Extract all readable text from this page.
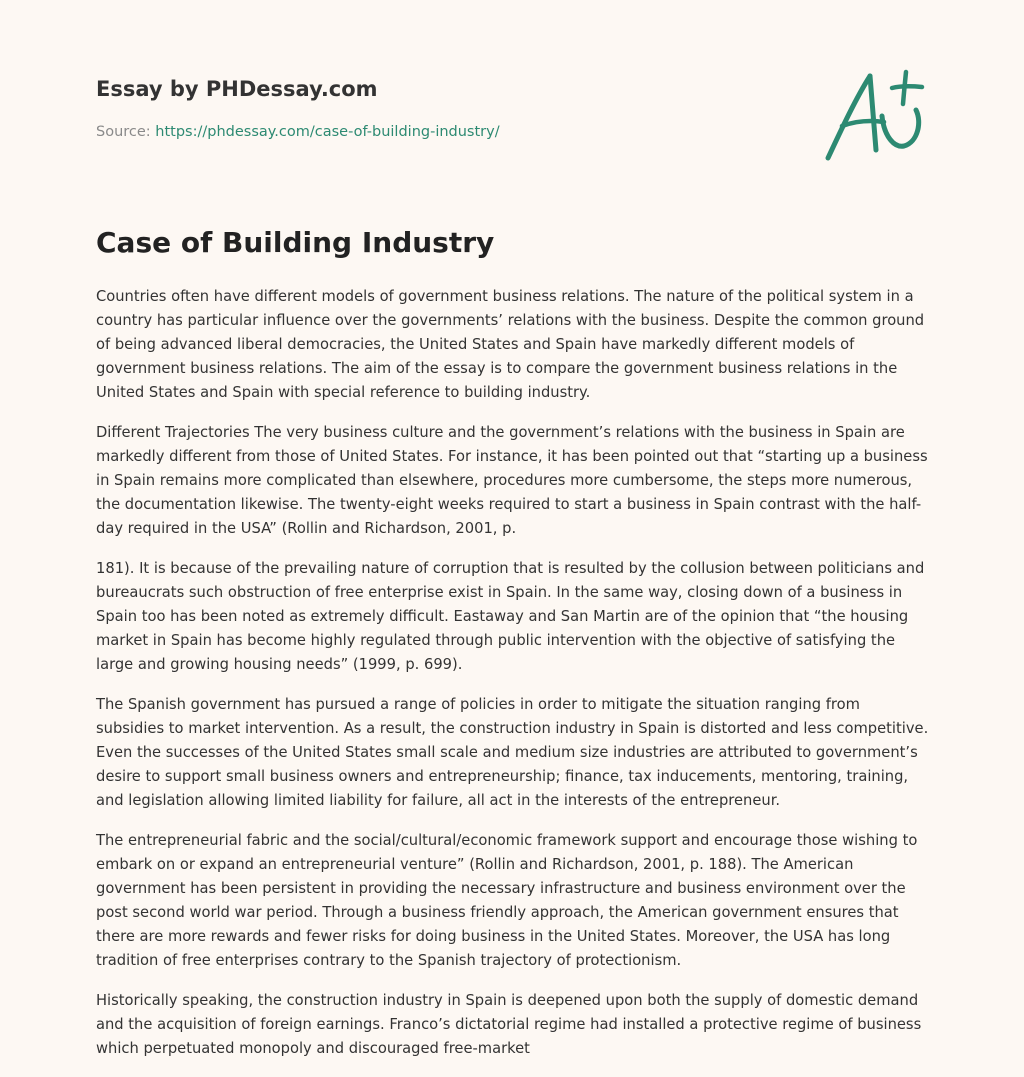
Essay by PHDessay.com
Source: https://phdessay.com/case-of-building-industry/
Case of Building Industry

Countries often have different models of government business relations. The nature of the political system in a country has particular influence over the governments’ relations with the business. Despite the common ground of being advanced liberal democracies, the United States and Spain have markedly different models of government business relations. The aim of the essay is to compare the government business relations in the United States and Spain with special reference to building industry.

Different Trajectories The very business culture and the government’s relations with the business in Spain are markedly different from those of United States. For instance, it has been pointed out that “starting up a business in Spain remains more complicated than elsewhere, procedures more cumbersome, the steps more numerous, the documentation likewise. The twenty-eight weeks required to start a business in Spain contrast with the half-day required in the USA” (Rollin and Richardson, 2001, p.

181). It is because of the prevailing nature of corruption that is resulted by the collusion between politicians and bureaucrats such obstruction of free enterprise exist in Spain. In the same way, closing down of a business in Spain too has been noted as extremely difficult. Eastaway and San Martin are of the opinion that “the housing market in Spain has become highly regulated through public intervention with the objective of satisfying the large and growing housing needs” (1999, p. 699).

The Spanish government has pursued a range of policies in order to mitigate the situation ranging from subsidies to market intervention. As a result, the construction industry in Spain is distorted and less competitive. Even the successes of the United States small scale and medium size industries are attributed to government’s desire to support small business owners and entrepreneurship; finance, tax inducements, mentoring, training, and legislation allowing limited liability for failure, all act in the interests of the entrepreneur.

The entrepreneurial fabric and the social/cultural/economic framework support and encourage those wishing to embark on or expand an entrepreneurial venture” (Rollin and Richardson, 2001, p. 188). The American government has been persistent in providing the necessary infrastructure and business environment over the post second world war period. Through a business friendly approach, the American government ensures that there are more rewards and fewer risks for doing business in the United States. Moreover, the USA has long tradition of free enterprises contrary to the Spanish trajectory of protectionism.

Historically speaking, the construction industry in Spain is deepened upon both the supply of domestic demand and the acquisition of foreign earnings. Franco’s dictatorial regime had installed a protective regime of business which perpetuated monopoly and discouraged free-market
